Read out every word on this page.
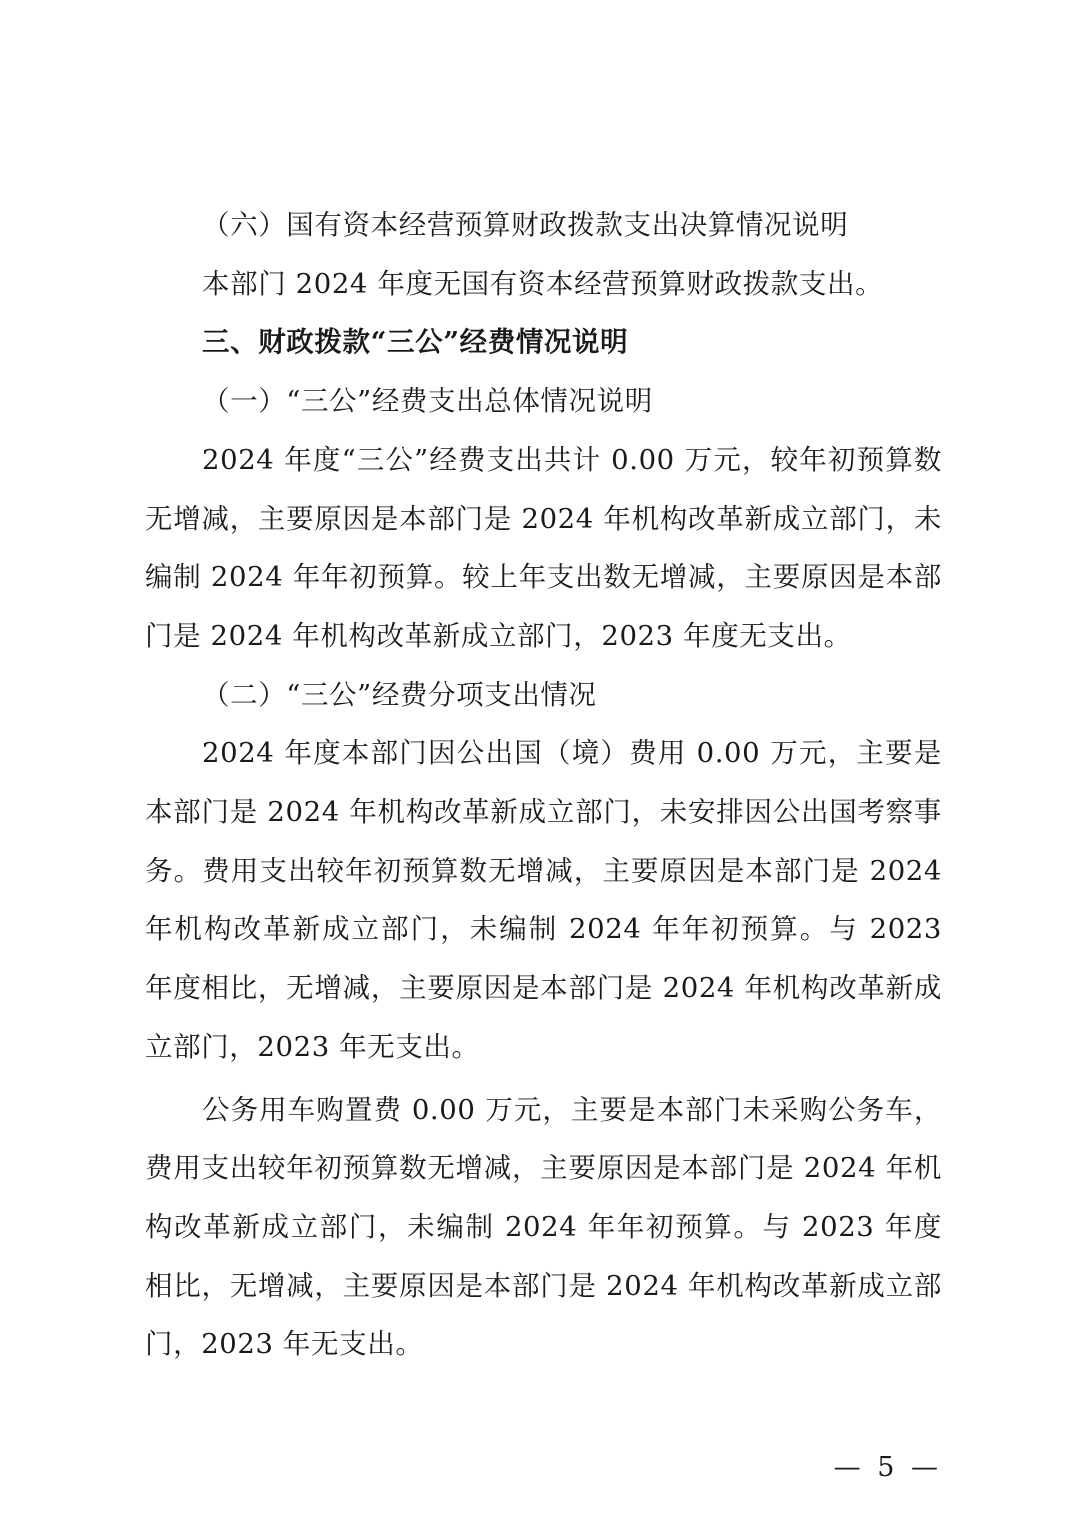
（六）国有资本经营预算财政拨款支出决算情况说明

本部门 2024 年度无国有资本经营预算财政拨款支出。

三、财政拨款“三公”经费情况说明

（一）“三公”经费支出总体情况说明

2024 年度“三公”经费支出共计 0.00 万元，较年初预算数无增减，主要原因是本部门是 2024 年机构改革新成立部门，未编制 2024 年年初预算。较上年支出数无增减，主要原因是本部门是 2024 年机构改革新成立部门，2023 年度无支出。

（二）“三公”经费分项支出情况

2024 年度本部门因公出国（境）费用 0.00 万元，主要是本部门是 2024 年机构改革新成立部门，未安排因公出国考察事务。费用支出较年初预算数无增减，主要原因是本部门是 2024 年机构改革新成立部门，未编制 2024 年年初预算。与 2023 年度相比，无增减，主要原因是本部门是 2024 年机构改革新成立部门，2023 年无支出。

公务用车购置费 0.00 万元，主要是本部门未采购公务车，费用支出较年初预算数无增减，主要原因是本部门是 2024 年机构改革新成立部门，未编制 2024 年年初预算。与 2023 年度相比，无增减，主要原因是本部门是 2024 年机构改革新成立部门，2023 年无支出。

— 5 —
